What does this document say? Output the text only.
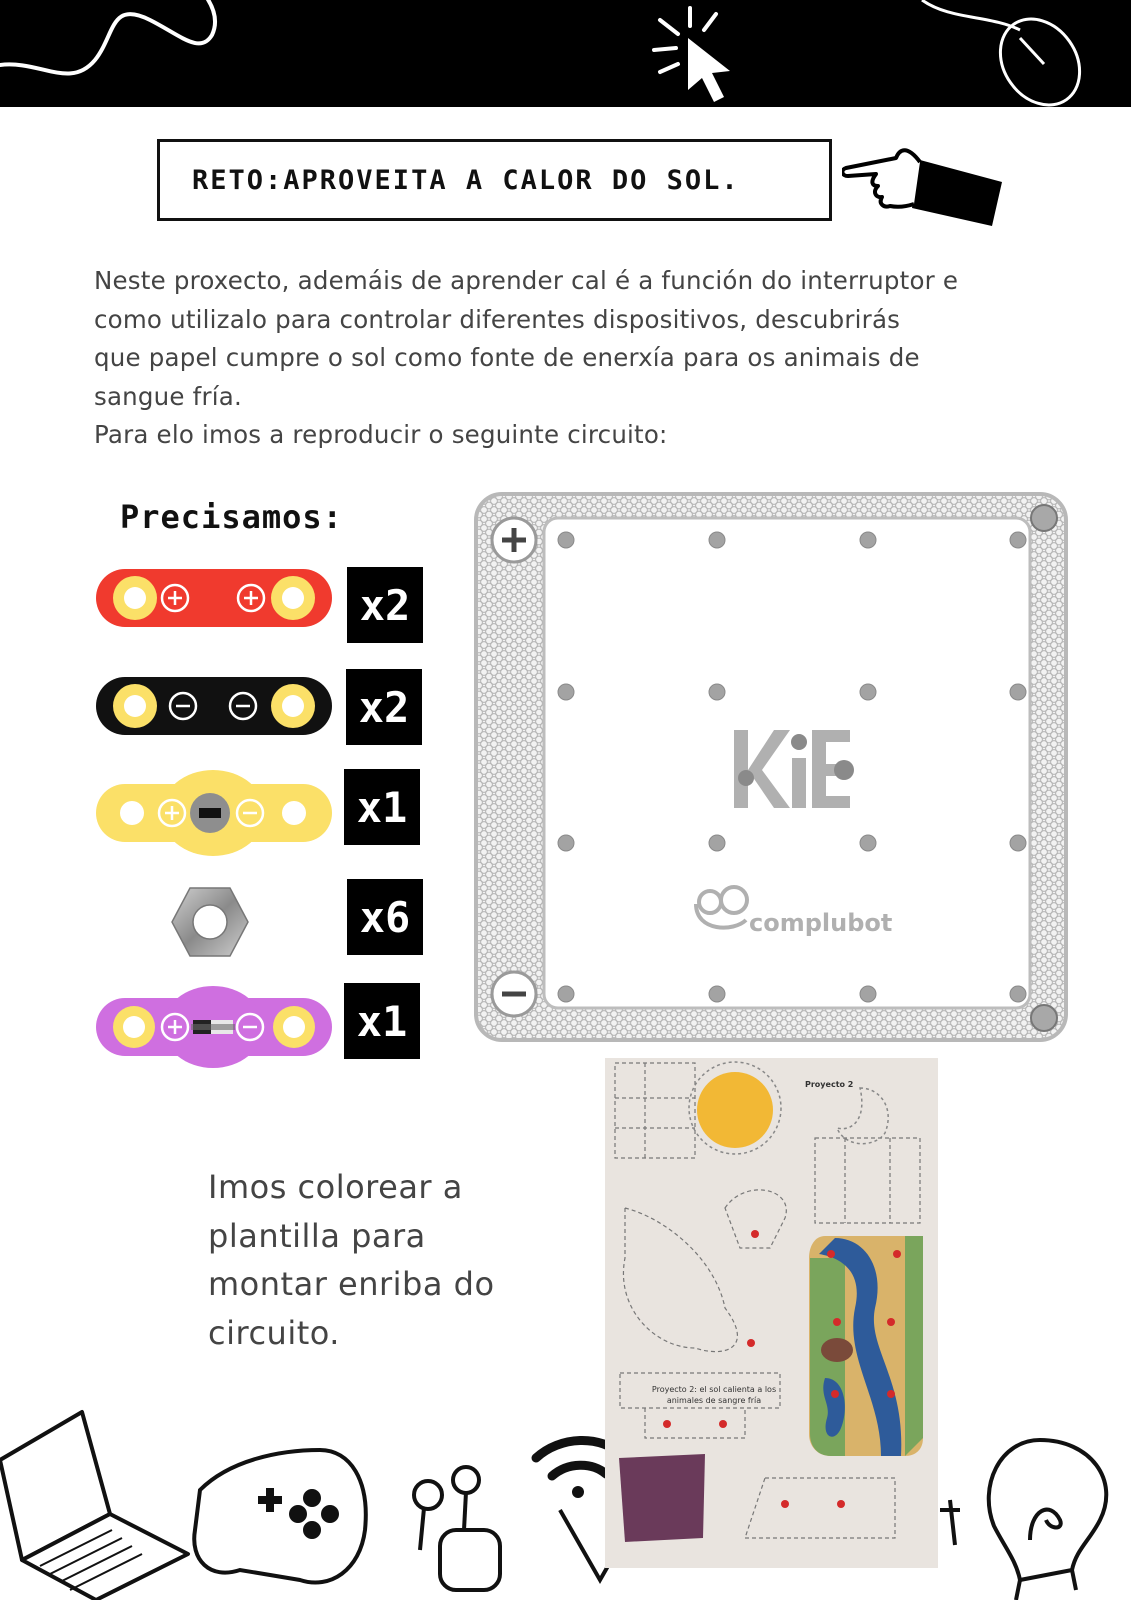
RETO:APROVEITA A CALOR DO SOL.

Neste proxecto, ademáis de aprender cal é a función do interruptor e

como utilizalo para controlar diferentes dispositivos, descubrirás

que papel cumpre o sol como fonte de enerxía para os animais de

sangue fría.

Para elo imos a reproducir o seguinte circuito:

Precisamos:
x2
x2
x1
x6
x1
complubot

Imos colorear a

plantilla para

montar enriba do

circuito.

Proyecto 2
Proyecto 2: el sol calienta a los animales de sangre fría
